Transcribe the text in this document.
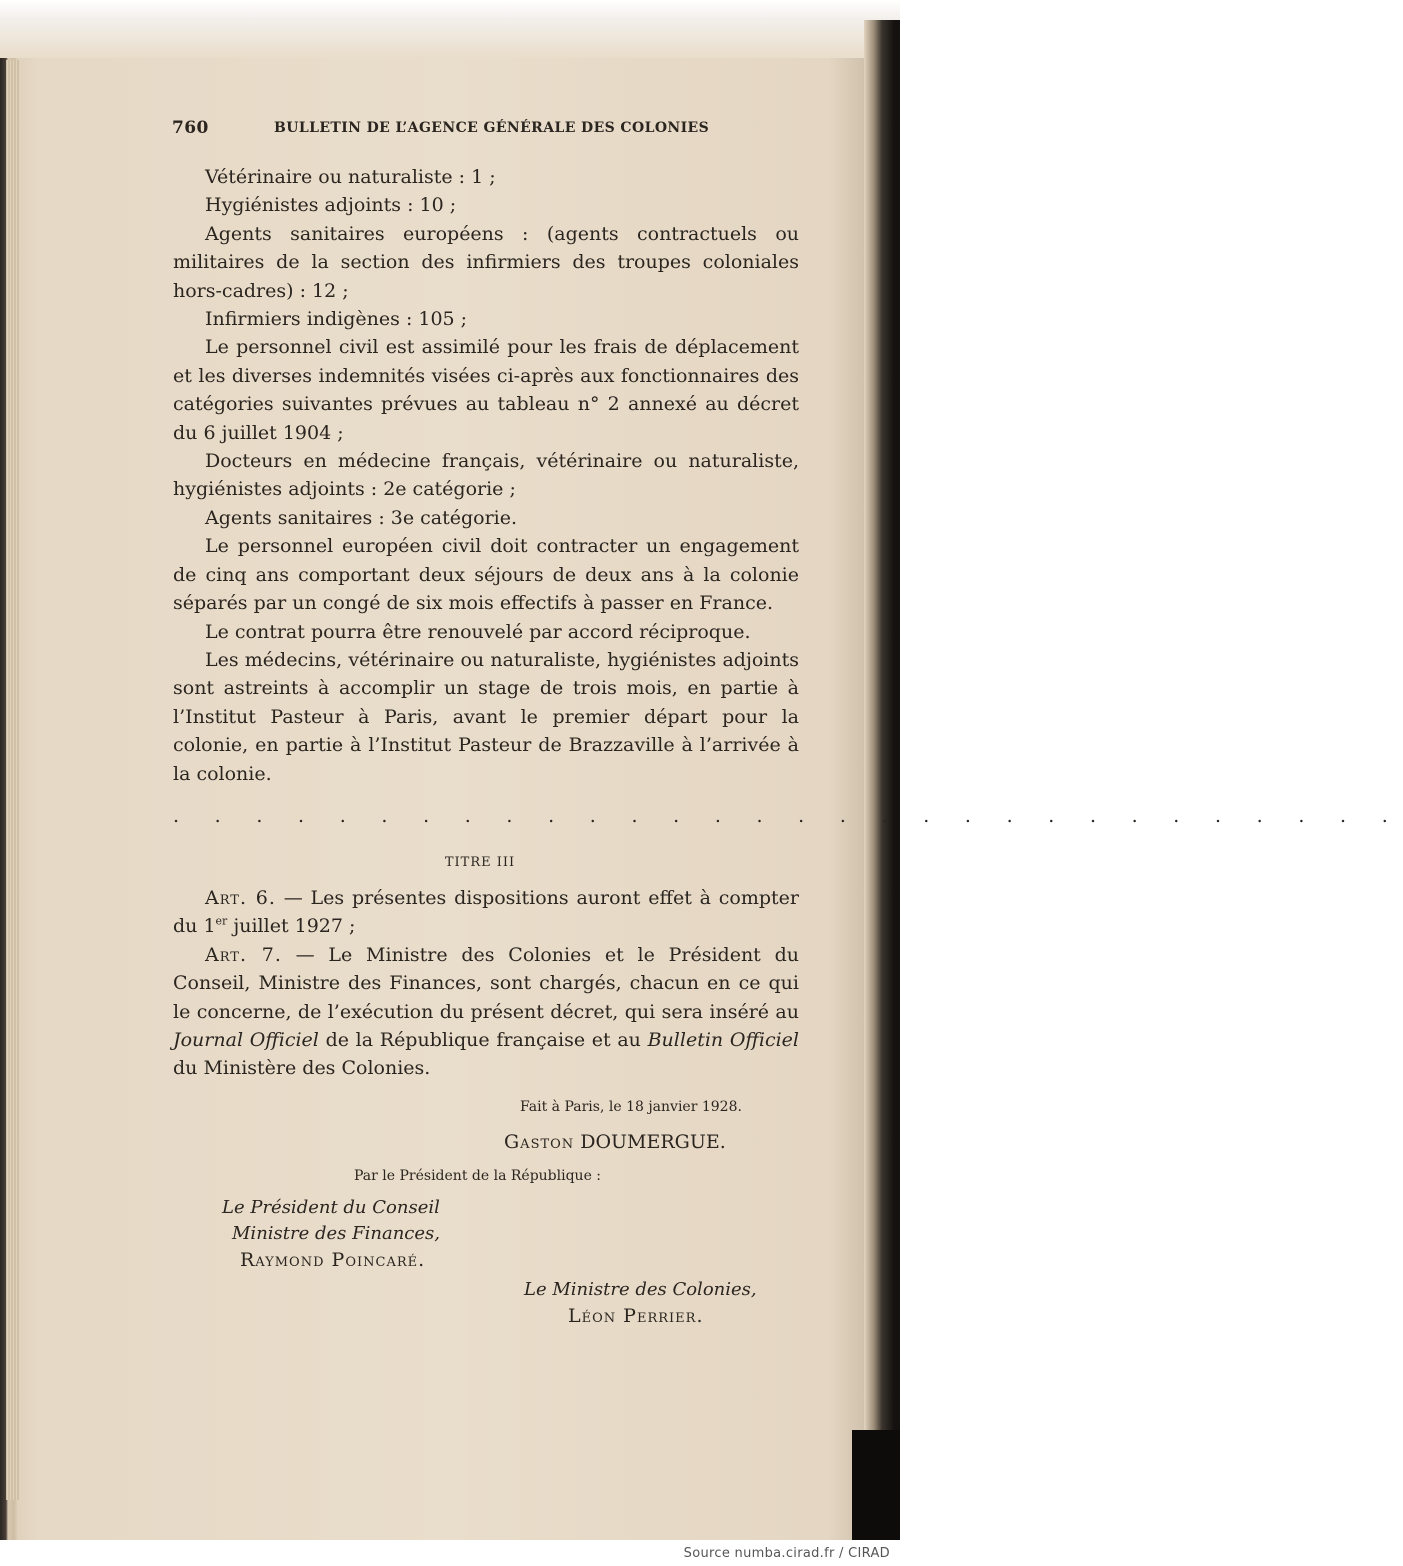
760	BULLETIN DE L’AGENCE GÉNÉRALE DES COLONIES

Vétérinaire ou naturaliste : 1 ;

Hygiénistes adjoints : 10 ;

Agents sanitaires européens : (agents contractuels ou militaires de la section des infirmiers des troupes coloniales hors-cadres) : 12 ;

Infirmiers indigènes : 105 ;

Le personnel civil est assimilé pour les frais de déplacement et les diverses indemnités visées ci-après aux fonctionnaires des catégories suivantes prévues au tableau n° 2 annexé au décret du 6 juillet 1904 ;

Docteurs en médecine français, vétérinaire ou naturaliste, hygiénistes adjoints : 2e catégorie ;

Agents sanitaires : 3e catégorie.

Le personnel européen civil doit contracter un engagement de cinq ans comportant deux séjours de deux ans à la colonie séparés par un congé de six mois effectifs à passer en France.

Le contrat pourra être renouvelé par accord réciproque.

Les médecins, vétérinaire ou naturaliste, hygiénistes adjoints sont astreints à accomplir un stage de trois mois, en partie à l’Institut Pasteur à Paris, avant le premier départ pour la colonie, en partie à l’Institut Pasteur de Brazzaville à l’arrivée à la colonie.

. . . . . . . . . . . . . . . . . . . . . . . . . . . . . .
TITRE III

Art. 6. — Les présentes dispositions auront effet à compter du 1er juillet 1927 ;

Art. 7. — Le Ministre des Colonies et le Président du Conseil, Ministre des Finances, sont chargés, chacun en ce qui le concerne, de l’exécution du présent décret, qui sera inséré au Journal Officiel de la République française et au Bulletin Officiel du Ministère des Colonies.

Fait à Paris, le 18 janvier 1928.
Gaston DOUMERGUE.
Par le Président de la République :
Le Président du Conseil
Ministre des Finances,
Raymond Poincaré.
Le Ministre des Colonies,
Léon Perrier.
Source numba.cirad.fr / CIRAD
